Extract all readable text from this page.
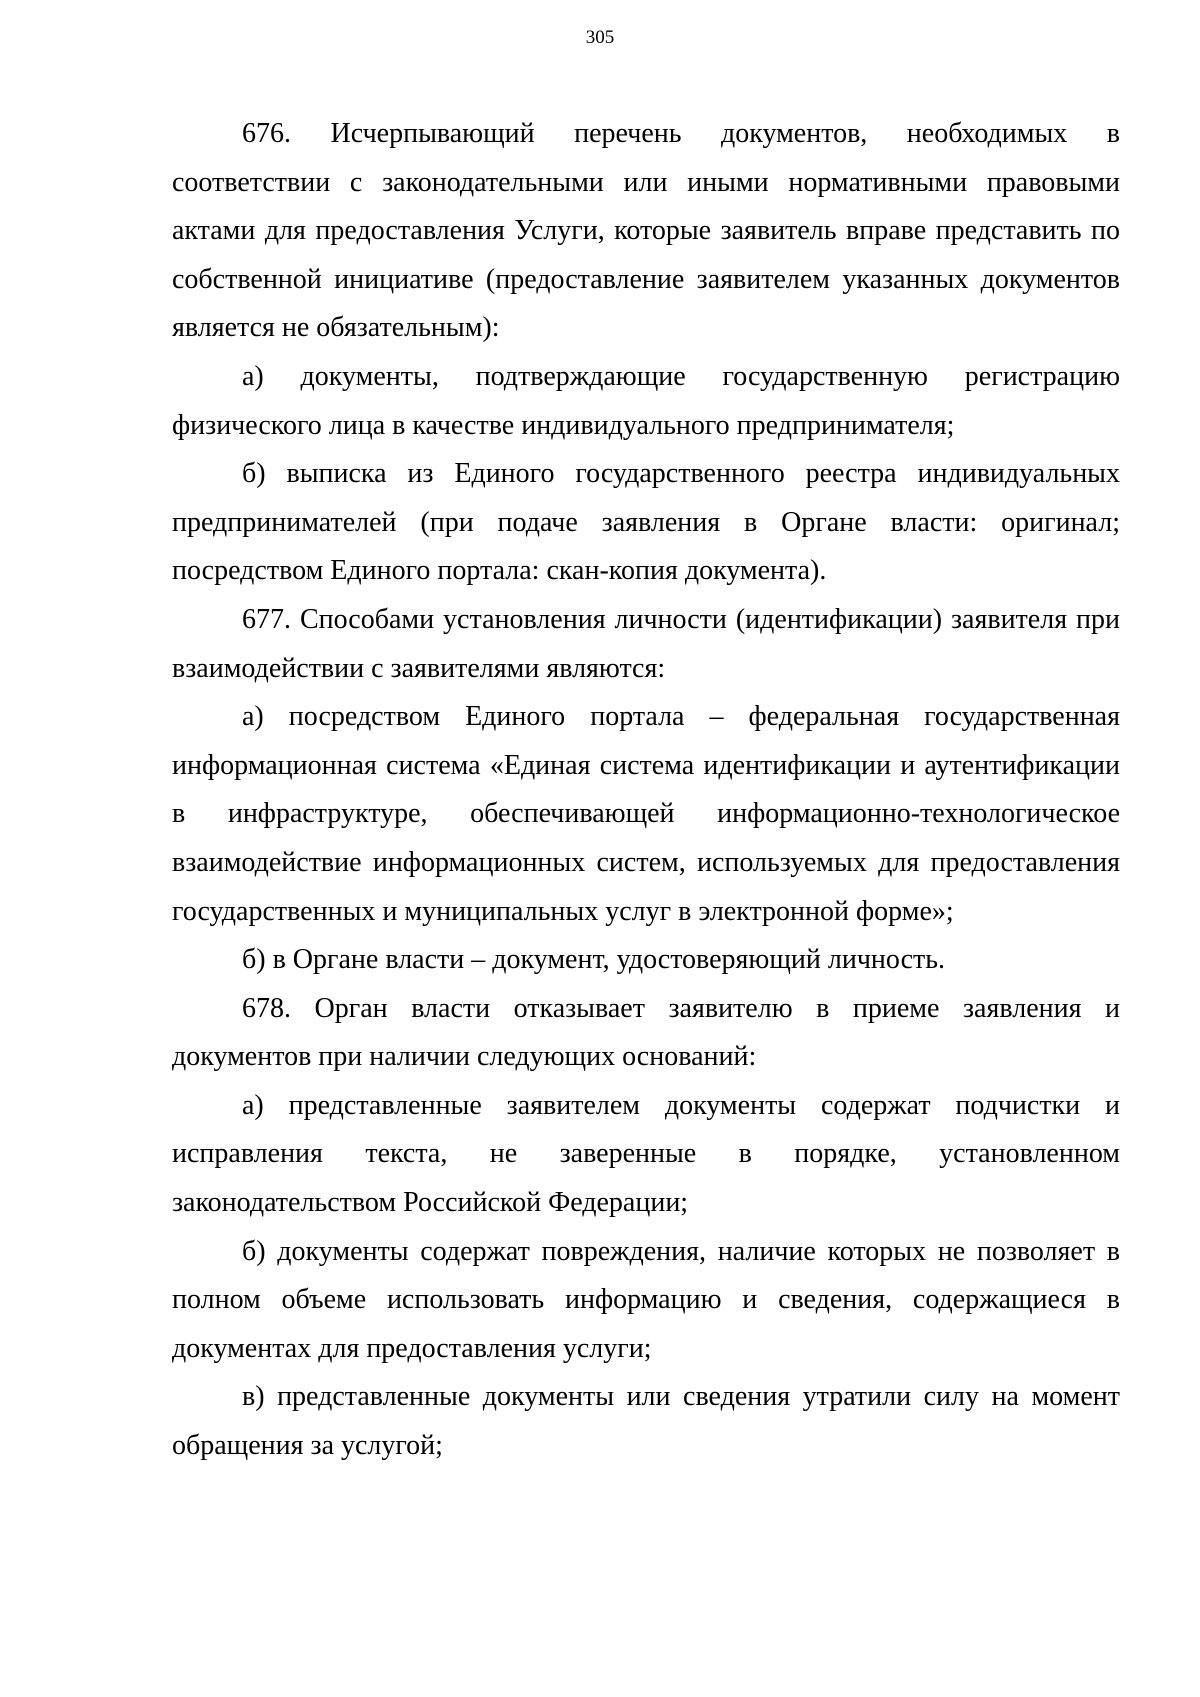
305

676. Исчерпывающий перечень документов, необходимых в соответствии с законодательными или иными нормативными правовыми актами для предоставления Услуги, которые заявитель вправе представить по собственной инициативе (предоставление заявителем указанных документов является не обязательным):

а) документы, подтверждающие государственную регистрацию физического лица в качестве индивидуального предпринимателя;

б) выписка из Единого государственного реестра индивидуальных предпринимателей (при подаче заявления в Органе власти: оригинал; посредством Единого портала: скан-копия документа).

677. Способами установления личности (идентификации) заявителя при взаимодействии с заявителями являются:

а) посредством Единого портала – федеральная государственная информационная система «Единая система идентификации и аутентификации в инфраструктуре, обеспечивающей информационно-технологическое взаимодействие информационных систем, используемых для предоставления государственных и муниципальных услуг в электронной форме»;

б) в Органе власти – документ, удостоверяющий личность.

678. Орган власти отказывает заявителю в приеме заявления и документов при наличии следующих оснований:

а) представленные заявителем документы содержат подчистки и исправления текста, не заверенные в порядке, установленном законодательством Российской Федерации;

б) документы содержат повреждения, наличие которых не позволяет в полном объеме использовать информацию и сведения, содержащиеся в документах для предоставления услуги;

в) представленные документы или сведения утратили силу на момент обращения за услугой;
